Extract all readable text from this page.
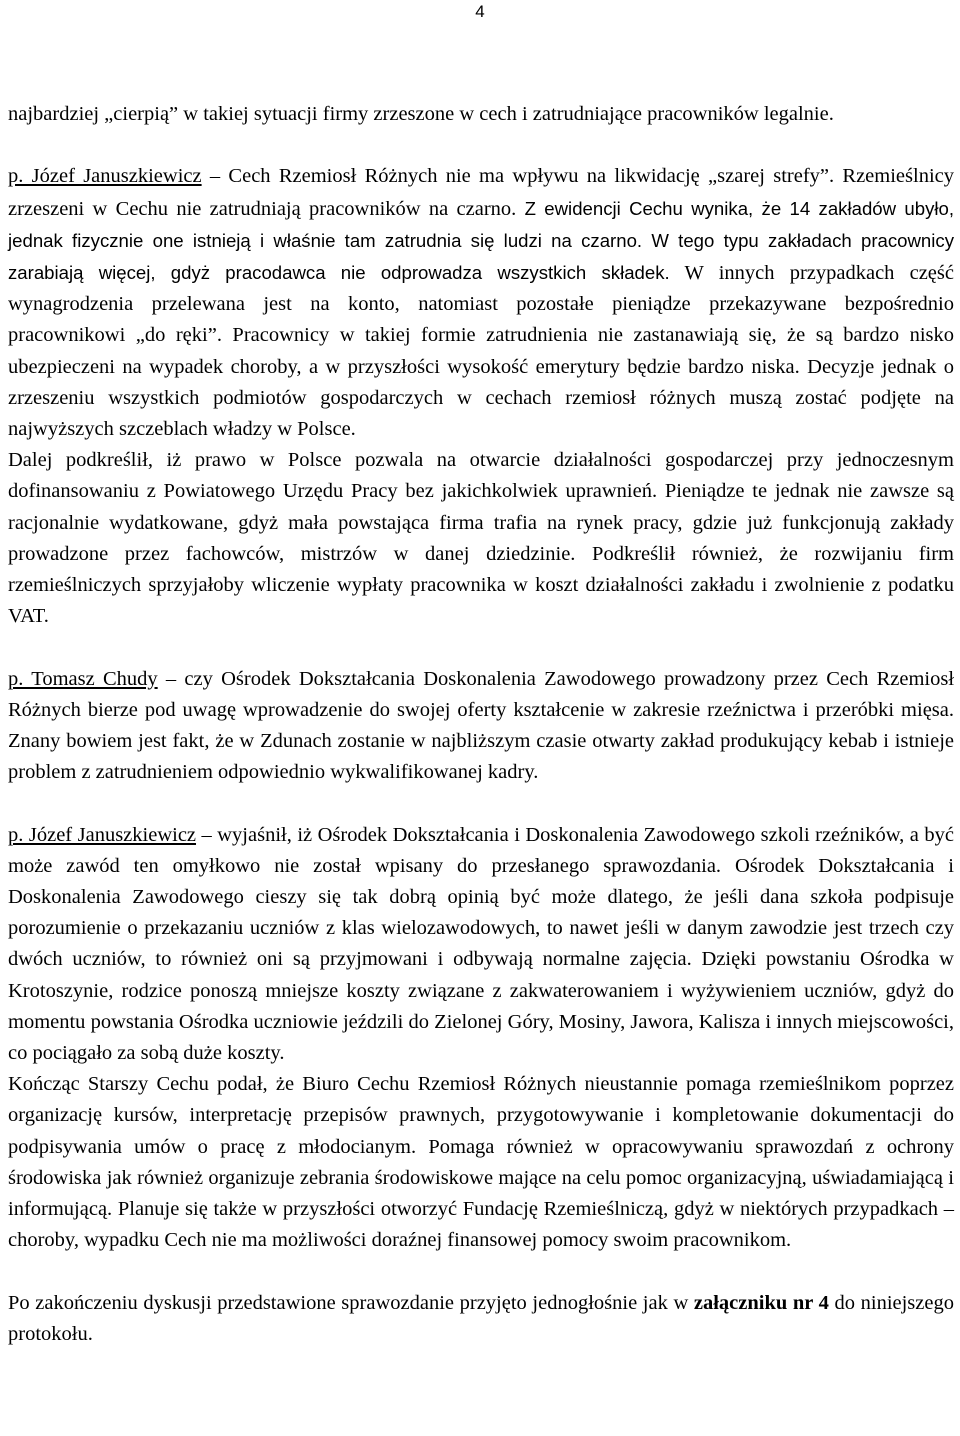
4

najbardziej „cierpią” w takiej sytuacji firmy zrzeszone w cech i zatrudniające pracowników legalnie.

p. Józef Januszkiewicz – Cech Rzemiosł Różnych nie ma wpływu na likwidację „szarej strefy”. Rzemieślnicy zrzeszeni w Cechu nie zatrudniają pracowników na czarno. Z ewidencji Cechu wynika, że 14 zakładów ubyło, jednak fizycznie one istnieją i właśnie tam zatrudnia się ludzi na czarno. W tego typu zakładach pracownicy zarabiają więcej, gdyż pracodawca nie odprowadza wszystkich składek. W innych przypadkach część wynagrodzenia przelewana jest na konto, natomiast pozostałe pieniądze przekazywane bezpośrednio pracownikowi „do ręki”. Pracownicy w takiej formie zatrudnienia nie zastanawiają się, że są bardzo nisko ubezpieczeni na wypadek choroby, a w przyszłości wysokość emerytury będzie bardzo niska. Decyzje jednak o zrzeszeniu wszystkich podmiotów gospodarczych w cechach rzemiosł różnych muszą zostać podjęte na najwyższych szczeblach władzy w Polsce.

Dalej podkreślił, iż prawo w Polsce pozwala na otwarcie działalności gospodarczej przy jednoczesnym dofinansowaniu z Powiatowego Urzędu Pracy bez jakichkolwiek uprawnień. Pieniądze te jednak nie zawsze są racjonalnie wydatkowane, gdyż mała powstająca firma trafia na rynek pracy, gdzie już funkcjonują zakłady prowadzone przez fachowców, mistrzów w danej dziedzinie. Podkreślił również, że rozwijaniu firm rzemieślniczych sprzyjałoby wliczenie wypłaty pracownika w koszt działalności zakładu i zwolnienie z podatku VAT.

p. Tomasz Chudy – czy Ośrodek Dokształcania Doskonalenia Zawodowego prowadzony przez Cech Rzemiosł Różnych bierze pod uwagę wprowadzenie do swojej oferty kształcenie w zakresie rzeźnictwa i przeróbki mięsa. Znany bowiem jest fakt, że w Zdunach zostanie w najbliższym czasie otwarty zakład produkujący kebab i istnieje problem z zatrudnieniem odpowiednio wykwalifikowanej kadry.

p. Józef Januszkiewicz – wyjaśnił, iż Ośrodek Dokształcania i Doskonalenia Zawodowego szkoli rzeźników, a być może zawód ten omyłkowo nie został wpisany do przesłanego sprawozdania. Ośrodek Dokształcania i Doskonalenia Zawodowego cieszy się tak dobrą opinią być może dlatego, że jeśli dana szkoła podpisuje porozumienie o przekazaniu uczniów z klas wielozawodowych, to nawet jeśli w danym zawodzie jest trzech czy dwóch uczniów, to również oni są przyjmowani i odbywają normalne zajęcia. Dzięki powstaniu Ośrodka w Krotoszynie, rodzice ponoszą mniejsze koszty związane z zakwaterowaniem i wyżywieniem uczniów, gdyż do momentu powstania Ośrodka uczniowie jeździli do Zielonej Góry, Mosiny, Jawora, Kalisza i innych miejscowości, co pociągało za sobą duże koszty.

Kończąc Starszy Cechu podał, że Biuro Cechu Rzemiosł Różnych nieustannie pomaga rzemieślnikom poprzez organizację kursów, interpretację przepisów prawnych, przygotowywanie i kompletowanie dokumentacji do podpisywania umów o pracę z młodocianym. Pomaga również w opracowywaniu sprawozdań z ochrony środowiska jak również organizuje zebrania środowiskowe mające na celu pomoc organizacyjną, uświadamiającą i informującą. Planuje się także w przyszłości otworzyć Fundację Rzemieślniczą, gdyż w niektórych przypadkach – choroby, wypadku Cech nie ma możliwości doraźnej finansowej pomocy swoim pracownikom.

Po zakończeniu dyskusji przedstawione sprawozdanie przyjęto jednogłośnie jak w załączniku nr 4 do niniejszego protokołu.
